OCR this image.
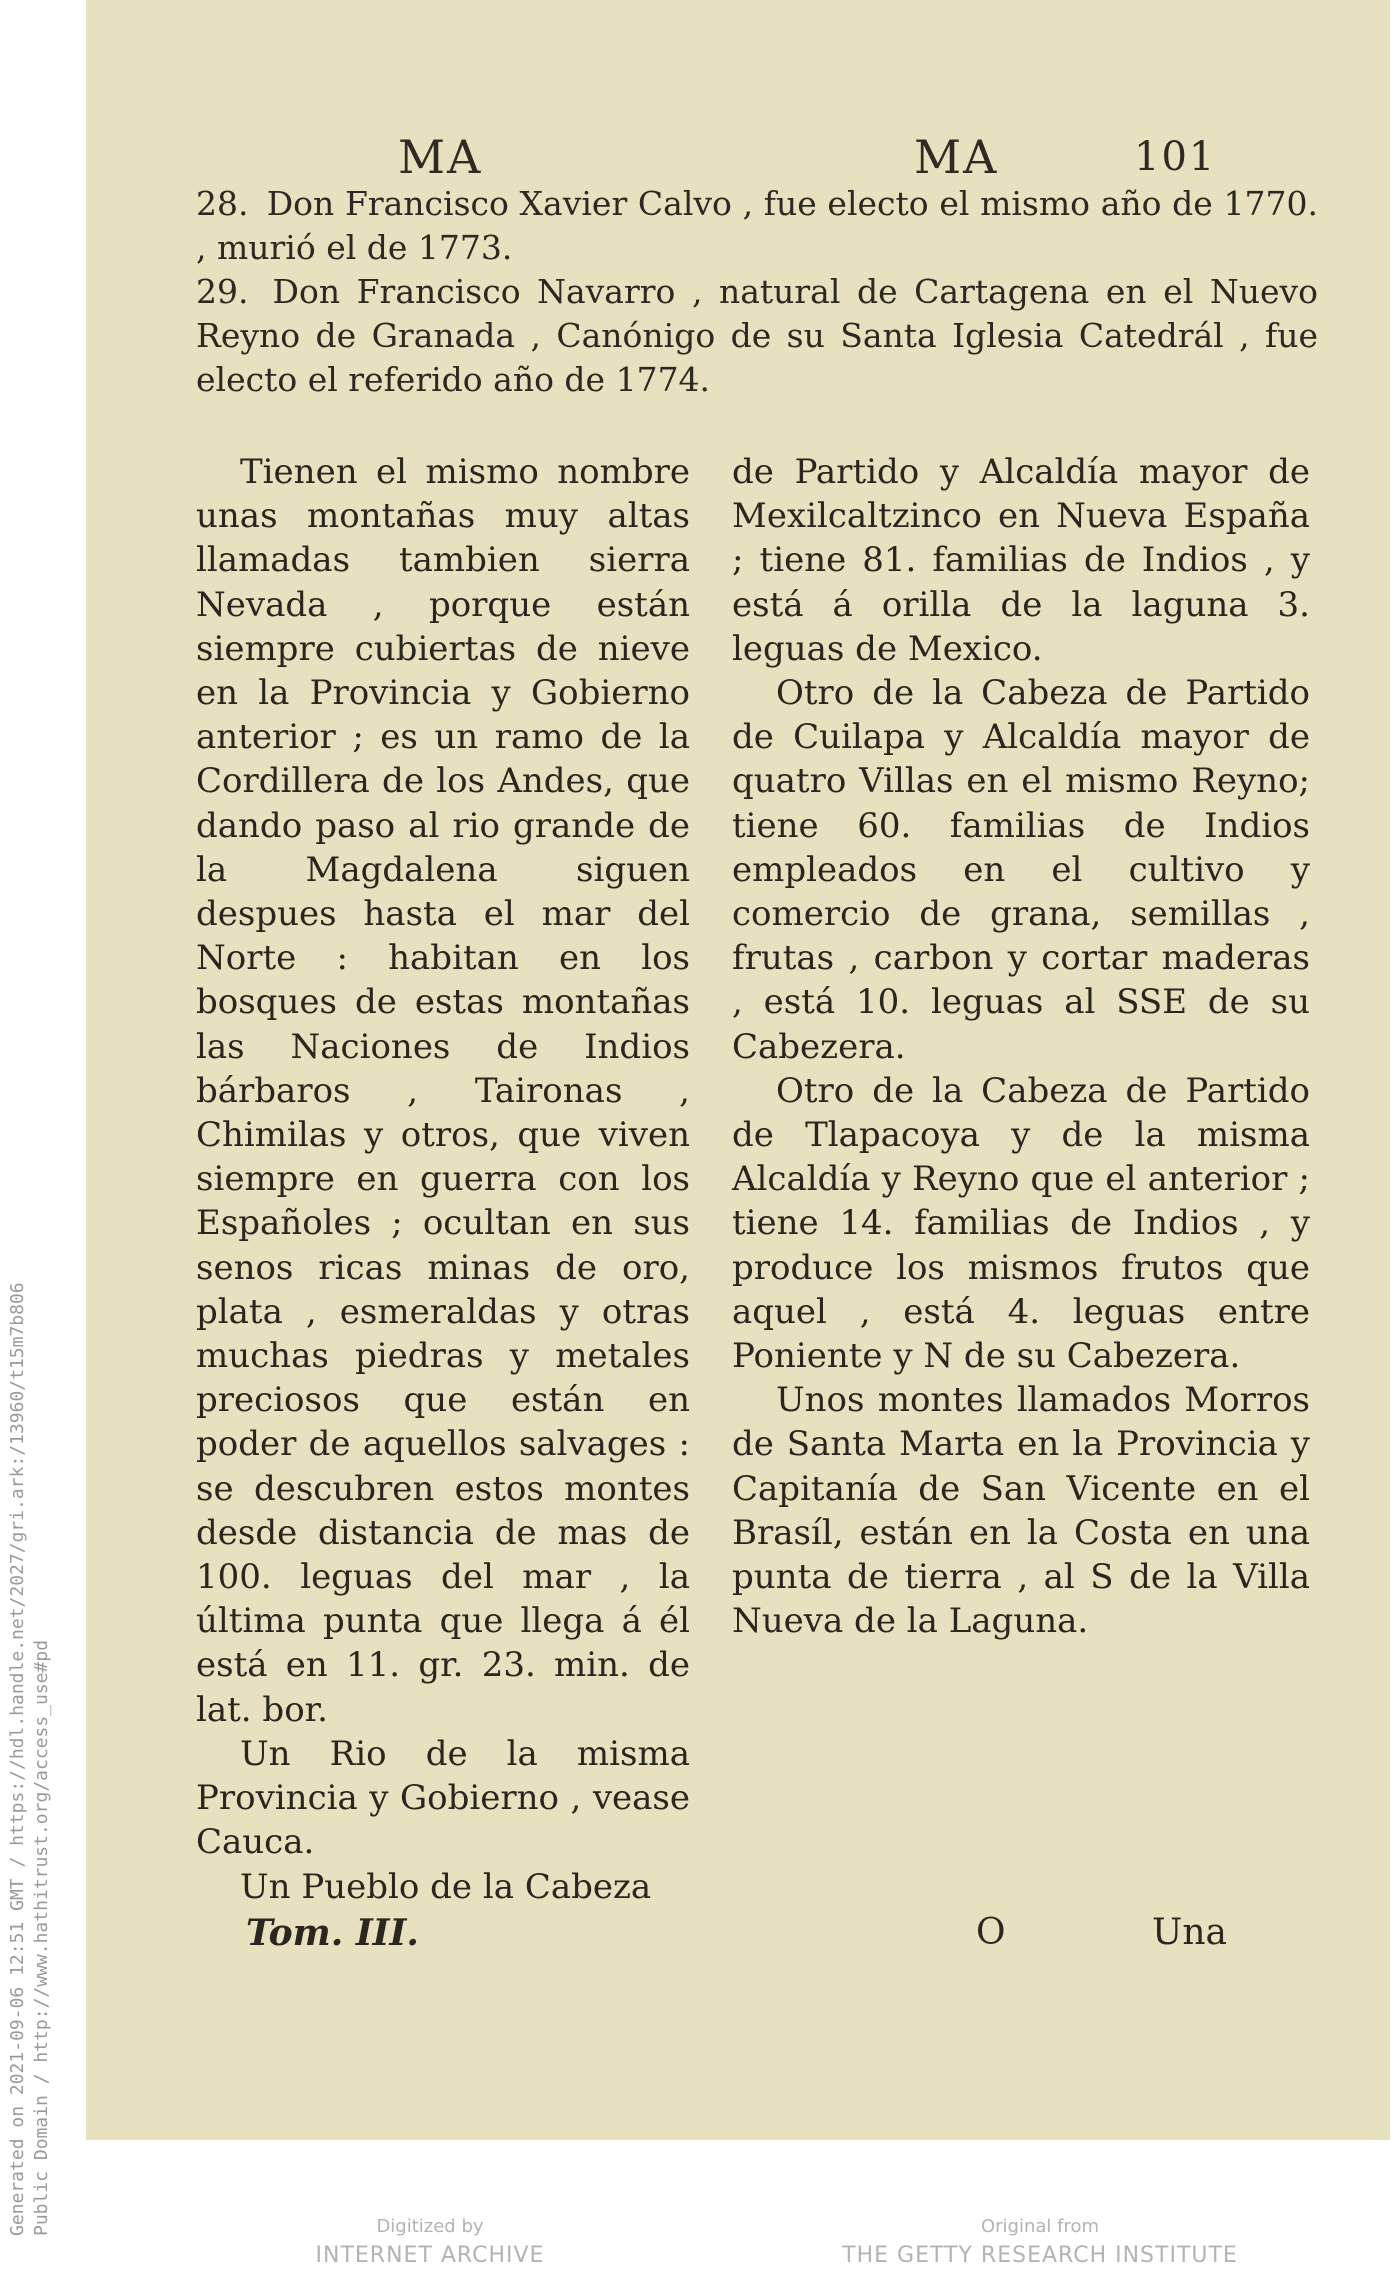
MA	MA	101

28. Don Francisco Xavier Calvo , fue electo el mismo año de 1770. , murió el de 1773.

29. Don Francisco Navarro , natural de Cartagena en el Nuevo Reyno de Granada , Canónigo de su Santa Iglesia Catedrál , fue electo el referido año de 1774.

Tienen el mismo nombre unas montañas muy altas llamadas tambien sierra Nevada , porque están siempre cubiertas de nieve en la Provincia y Gobierno anterior ; es un ramo de la Cordillera de los Andes, que dando paso al rio grande de la Magdalena siguen despues hasta el mar del Norte : habitan en los bosques de estas montañas las Naciones de Indios bárbaros , Taironas , Chimilas y otros, que viven siempre en guerra con los Españoles ; ocultan en sus senos ricas minas de oro, plata , esmeraldas y otras muchas piedras y metales preciosos que están en poder de aquellos salvages : se descubren estos montes desde distancia de mas de 100. leguas del mar , la última punta que llega á él está en 11. gr. 23. min. de lat. bor.

Un Rio de la misma Provincia y Gobierno , vease Cauca.

Un Pueblo de la Cabeza

de Partido y Alcaldía mayor de Mexilcaltzinco en Nueva España ; tiene 81. familias de Indios , y está á orilla de la laguna 3. leguas de Mexico.

Otro de la Cabeza de Partido de Cuilapa y Alcaldía mayor de quatro Villas en el mismo Reyno; tiene 60. familias de Indios empleados en el cultivo y comercio de grana, semillas , frutas , carbon y cortar maderas , está 10. leguas al SSE de su Cabezera.

Otro de la Cabeza de Partido de Tlapacoya y de la misma Alcaldía y Reyno que el anterior ; tiene 14. familias de Indios , y produce los mismos frutos que aquel , está 4. leguas entre Poniente y N de su Cabezera.

Unos montes llamados Morros de Santa Marta en la Provincia y Capitanía de San Vicente en el Brasíl, están en la Costa en una punta de tierra , al S de la Villa Nueva de la Laguna.

Tom. III.	O	Una
Generated on 2021-09-06 12:51 GMT / https://hdl.handle.net/2027/gri.ark:/13960/t15m7b806 Public Domain / http://www.hathitrust.org/access_use#pd	Digitized by
INTERNET ARCHIVE
Original from
THE GETTY RESEARCH INSTITUTE
